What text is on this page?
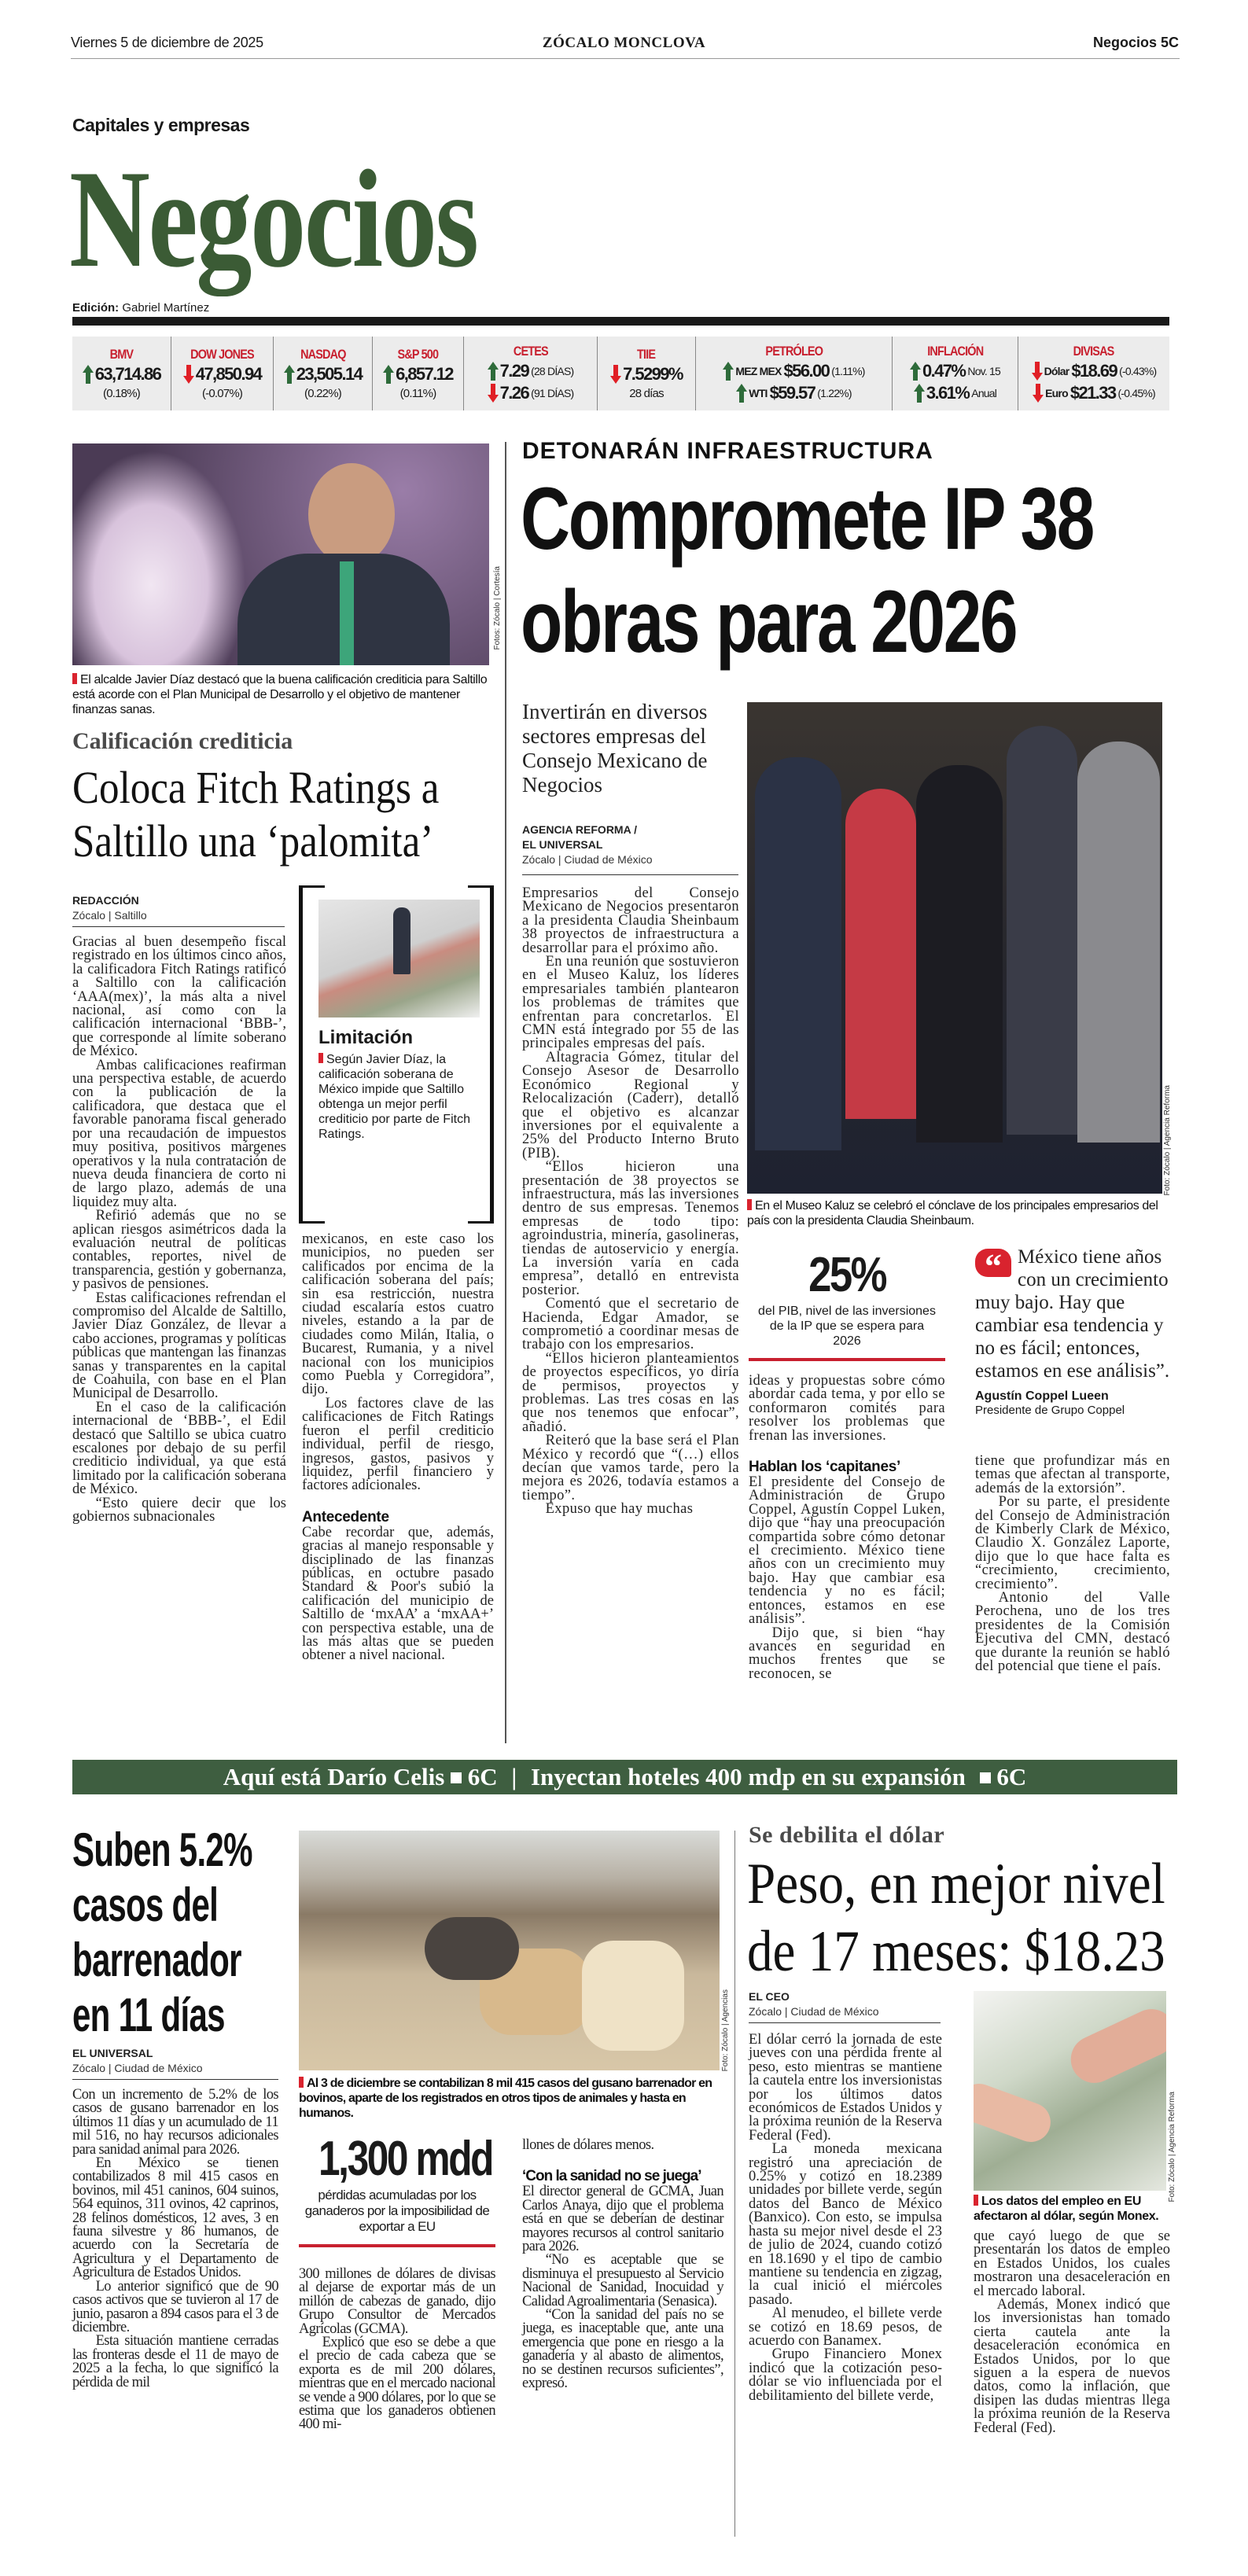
Viernes 5 de diciembre de 2025	ZÓCALO MONCLOVA	Negocios 5C
Capitales y empresas
Negocios
Edición: Gabriel Martínez
BMV
63,714.86
(0.18%)
DOW JONES
47,850.94
(-0.07%)
NASDAQ
23,505.14
(0.22%)
S&P 500
6,857.12
(0.11%)
CETES
7.29 (28 DÍAS)
7.26 (91 DÍAS)
TIIE
7.5299%
28 días
PETRÓLEO
MEZ MEX $56.00 (1.11%)
WTI $59.57 (1.22%)
INFLACIÓN
0.47% Nov. 15
3.61% Anual
DIVISAS
Dólar $18.69 (-0.43%)
Euro $21.33 (-0.45%)
Fotos: Zócalo | Cortesía
El alcalde Javier Díaz destacó que la buena calificación crediticia para Saltillo está acorde con el Plan Municipal de Desarrollo y el objetivo de mantener finanzas sanas.
Calificación crediticia
Coloca Fitch Ratings a
Saltillo una ‘palomita’
REDACCIÓN
Zócalo | Saltillo

Gracias al buen desempeño fiscal registrado en los últimos cinco años, la calificadora Fitch Ratings ratificó a Saltillo con la calificación ‘AAA(mex)’, la más alta a nivel nacional, así como con la calificación internacional ‘BBB-’, que corresponde al límite soberano de México.

Ambas calificaciones reafirman una perspectiva estable, de acuerdo con la publicación de la calificadora, que destaca que el favorable panorama fiscal generado por una recaudación de impuestos muy positiva, positivos márgenes operativos y la nula contratación de nueva deuda financiera de corto ni de largo plazo, además de una liquidez muy alta.

Refirió además que no se aplican riesgos asimétricos dada la evaluación neutral de políticas contables, reportes, nivel de transparencia, gestión y gobernanza, y pasivos de pensiones.

Estas calificaciones refrendan el compromiso del Alcalde de Saltillo, Javier Díaz González, de llevar a cabo acciones, programas y políticas públicas que mantengan las finanzas sanas y transparentes en la capital de Coahuila, con base en el Plan Municipal de Desarrollo.

En el caso de la calificación internacional de ‘BBB-’, el Edil destacó que Saltillo se ubica cuatro escalones por debajo de su perfil crediticio individual, ya que está limitado por la calificación soberana de México.

“Esto quiere decir que los gobiernos subnacionales

Limitación
Según Javier Díaz, la calificación soberana de México impide que Saltillo obtenga un mejor perfil crediticio por parte de Fitch Ratings.

mexicanos, en este caso los municipios, no pueden ser calificados por encima de la calificación soberana del país; sin esa restricción, nuestra ciudad escalaría estos cuatro niveles, estando a la par de ciudades como Milán, Italia, o Bucarest, Rumania, y a nivel nacional con los municipios como Puebla y Corregidora”, dijo.

Los factores clave de las calificaciones de Fitch Ratings fueron el perfil crediticio individual, perfil de riesgo, ingresos, gastos, pasivos y liquidez, perfil financiero y factores adicionales.

Antecedente

Cabe recordar que, además, gracias al manejo responsable y disciplinado de las finanzas públicas, en octubre pasado Standard & Poor's subió la calificación del municipio de Saltillo de ‘mxAA’ a ‘mxAA+’ con perspectiva estable, una de las más altas que se pueden obtener a nivel nacional.

DETONARÁN INFRAESTRUCTURA
Compromete IP 38
obras para 2026
Invertirán en diversos sectores empresas del Consejo Mexicano de Negocios
AGENCIA REFORMA /
EL UNIVERSAL
Zócalo | Ciudad de México

Empresarios del Consejo Mexicano de Negocios presentaron a la presidenta Claudia Sheinbaum 38 proyectos de infraestructura a desarrollar para el próximo año.

En una reunión que sostuvieron en el Museo Kaluz, los líderes empresariales también plantearon los problemas de trámites que enfrentan para concretarlos. El CMN está integrado por 55 de las principales empresas del país.

Altagracia Gómez, titular del Consejo Asesor de Desarrollo Económico Regional y Relocalización (Caderr), detalló que el objetivo es alcanzar inversiones por el equivalente a 25% del Producto Interno Bruto (PIB).

“Ellos hicieron una presentación de 38 proyectos se infraestructura, más las inversiones dentro de sus empresas. Tenemos empresas de todo tipo: agroindustria, minería, gasolineras, tiendas de autoservicio y energía. La inversión varía en cada empresa”, detalló en entrevista posterior.

Comentó que el secretario de Hacienda, Edgar Amador, se comprometió a coordinar mesas de trabajo con los empresarios.

“Ellos hicieron planteamientos de proyectos específicos, yo diría de permisos, proyectos y problemas. Las tres cosas en las que nos tenemos que enfocar”, añadió.

Reiteró que la base será el Plan México y recordó que “(…) ellos decían que vamos tarde, pero la mejora es 2026, todavía estamos a tiempo”.

Expuso que hay muchas

Foto: Zócalo | Agencia Reforma
En el Museo Kaluz se celebró el cónclave de los principales empresarios del país con la presidenta Claudia Sheinbaum.
25%
del PIB, nivel de las inversiones de la IP que se espera para 2026

ideas y propuestas sobre cómo abordar cada tema, y por ello se conformaron comités para resolver los problemas que frenan las inversiones.

Hablan los ‘capitanes’

El presidente del Consejo de Administración de Grupo Coppel, Agustín Coppel Luken, dijo que “hay una preocupación compartida sobre cómo detonar el crecimiento. México tiene años con un crecimiento muy bajo. Hay que cambiar esa tendencia y no es fácil; entonces, estamos en ese análisis”.

Dijo que, si bien “hay avances en seguridad en muchos frentes que se reconocen, se

“ México tiene años con un crecimiento muy bajo. Hay que cambiar esa tendencia y no es fácil; entonces, estamos en ese análisis”.
Agustín Coppel Lueen
Presidente de Grupo Coppel

tiene que profundizar más en temas que afectan al transporte, además de la extorsión”.

Por su parte, el presidente del Consejo de Administración de Kimberly Clark de México, Claudio X. González Laporte, dijo que lo que hace falta es “crecimiento, crecimiento, crecimiento”.

Antonio del Valle Perochena, uno de los tres presidentes de la Comisión Ejecutiva del CMN, destacó que durante la reunión se habló del potencial que tiene el país.

Aquí está Darío Celis 6C | Inyectan hoteles 400 mdp en su expansión 6C
Suben 5.2%
casos del
barrenador
en 11 días
EL UNIVERSAL
Zócalo | Ciudad de México

Con un incremento de 5.2% de los casos de gusano barrenador en los últimos 11 días y un acumulado de 11 mil 516, no hay recursos adicionales para sanidad animal para 2026.

En México se tienen contabilizados 8 mil 415 casos en bovinos, mil 451 caninos, 604 suinos, 564 equinos, 311 ovinos, 42 caprinos, 28 felinos domésticos, 12 aves, 3 en fauna silvestre y 86 humanos, de acuerdo con la Secretaría de Agricultura y el Departamento de Agricultura de Estados Unidos.

Lo anterior significó que de 90 casos activos que se tuvieron al 17 de junio, pasaron a 894 casos para el 3 de diciembre.

Esta situación mantiene cerradas las fronteras desde el 11 de mayo de 2025 a la fecha, lo que significó la pérdida de mil

Foto: Zócalo | Agencias
Al 3 de diciembre se contabilizan 8 mil 415 casos del gusano barrenador en bovinos, aparte de los registrados en otros tipos de animales y hasta en humanos.
1,300 mdd
pérdidas acumuladas por los ganaderos por la imposibilidad de exportar a EU

300 millones de dólares de divisas al dejarse de exportar más de un millón de cabezas de ganado, dijo Grupo Consultor de Mercados Agrícolas (GCMA).

Explicó que eso se debe a que el precio de cada cabeza que se exporta es de mil 200 dólares, mientras que en el mercado nacional se vende a 900 dólares, por lo que se estima que los ganaderos obtienen 400 mi-

llones de dólares menos.

‘Con la sanidad no se juega’

El director general de GCMA, Juan Carlos Anaya, dijo que el problema está en que se deberían de destinar mayores recursos al control sanitario para 2026.

“No es aceptable que se disminuya el presupuesto al Servicio Nacional de Sanidad, Inocuidad y Calidad Agroalimentaria (Senasica).

“Con la sanidad del país no se juega, es inaceptable que, ante una emergencia que pone en riesgo a la ganadería y al abasto de alimentos, no se destinen recursos suficientes”, expresó.

Se debilita el dólar
Peso, en mejor nivel
de 17 meses: $18.23
EL CEO
Zócalo | Ciudad de México

El dólar cerró la jornada de este jueves con una pérdida frente al peso, esto mientras se mantiene la cautela entre los inversionistas por los últimos datos económicos de Estados Unidos y la próxima reunión de la Reserva Federal (Fed).

La moneda mexicana registró una apreciación de 0.25% y cotizó en 18.2389 unidades por billete verde, según datos del Banco de México (Banxico). Con esto, se impulsa hasta su mejor nivel desde el 23 de julio de 2024, cuando cotizó en 18.1690 y el tipo de cambio mantiene su tendencia en zigzag, la cual inició el miércoles pasado.

Al menudeo, el billete verde se cotizó en 18.69 pesos, de acuerdo con Banamex.

Grupo Financiero Monex indicó que la cotización peso-dólar se vio influenciada por el debilitamiento del billete verde,

Foto: Zócalo | Agencia Reforma
Los datos del empleo en EU afectaron al dólar, según Monex.

que cayó luego de que se presentarán los datos de empleo en Estados Unidos, los cuales mostraron una desaceleración en el mercado laboral.

Además, Monex indicó que los inversionistas han tomado cierta cautela ante la desaceleración económica en Estados Unidos, por lo que siguen a la espera de nuevos datos, como la inflación, que disipen las dudas mientras llega la próxima reunión de la Reserva Federal (Fed).
